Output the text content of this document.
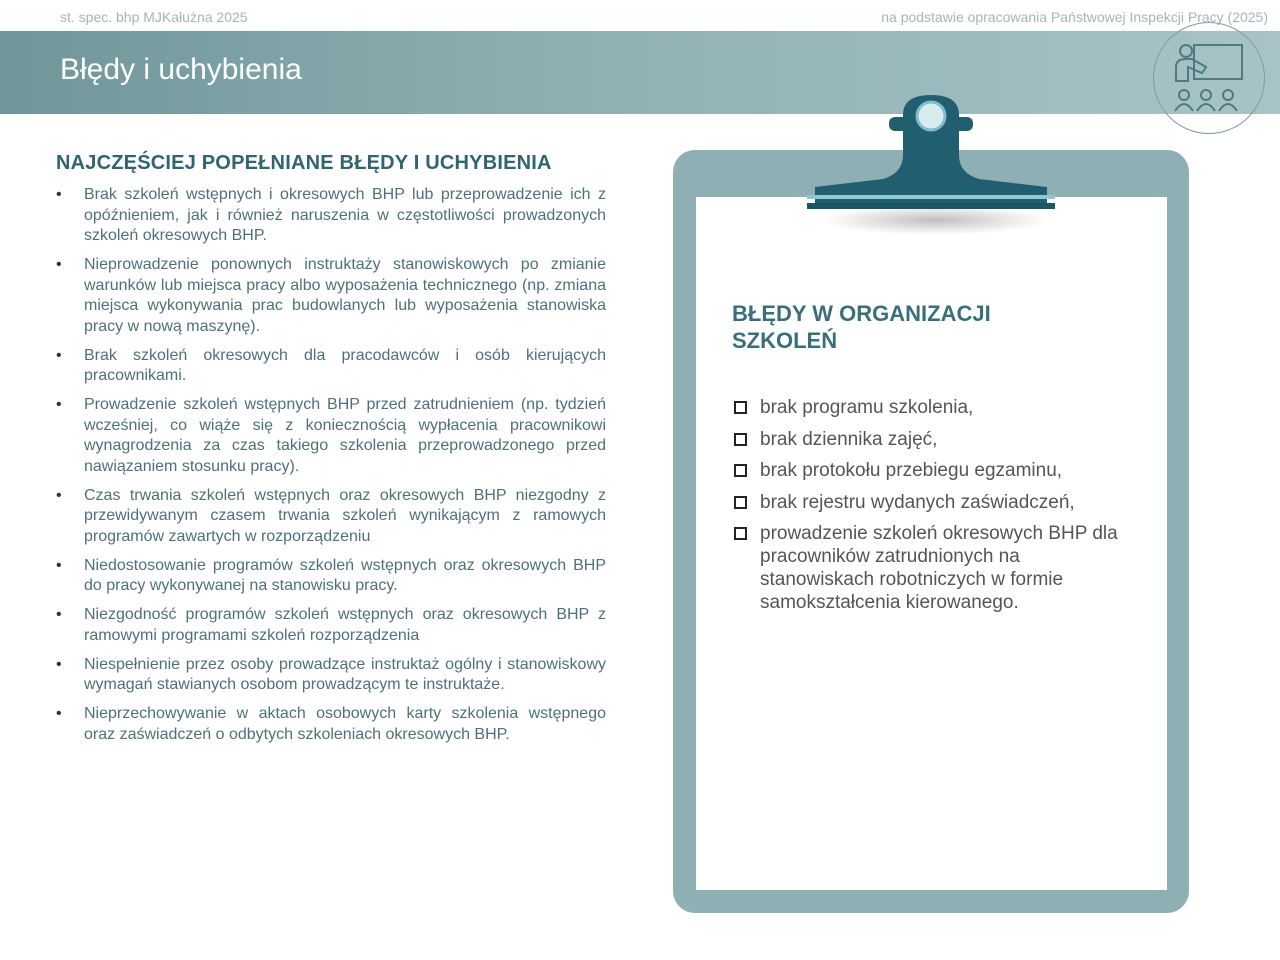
st. spec. bhp MJKałużna 2025	na podstawie opracowania Państwowej Inspekcji Pracy (2025)
Błędy i uchybienia
NAJCZĘŚCIEJ POPEŁNIANE BŁĘDY I UCHYBIENIA
• Brak szkoleń wstępnych i okresowych BHP lub przeprowadzenie ich z opóźnieniem, jak i również naruszenia w częstotliwości prowadzonych szkoleń okresowych BHP.
• Nieprowadzenie ponownych instruktaży stanowiskowych po zmianie warunków lub miejsca pracy albo wyposażenia technicznego (np. zmiana miejsca wykonywania prac budowlanych lub wyposażenia stanowiska pracy w nową maszynę).
• Brak szkoleń okresowych dla pracodawców i osób kierujących pracownikami.
• Prowadzenie szkoleń wstępnych BHP przed zatrudnieniem (np. tydzień wcześniej, co wiąże się z koniecznością wypłacenia pracownikowi wynagrodzenia za czas takiego szkolenia przeprowadzonego przed nawiązaniem stosunku pracy).
• Czas trwania szkoleń wstępnych oraz okresowych BHP niezgodny z przewidywanym czasem trwania szkoleń wynikającym z ramowych programów zawartych w rozporządzeniu
• Niedostosowanie programów szkoleń wstępnych oraz okresowych BHP do pracy wykonywanej na stanowisku pracy.
• Niezgodność programów szkoleń wstępnych oraz okresowych BHP z ramowymi programami szkoleń rozporządzenia
• Niespełnienie przez osoby prowadzące instruktaż ogólny i stanowiskowy wymagań stawianych osobom prowadzącym te instruktaże.
• Nieprzechowywanie w aktach osobowych karty szkolenia wstępnego oraz zaświadczeń o odbytych szkoleniach okresowych BHP.
BŁĘDY W ORGANIZACJI SZKOLEŃ
brak programu szkolenia,
brak dziennika zajęć,
brak protokołu przebiegu egzaminu,
brak rejestru wydanych zaświadczeń,
prowadzenie szkoleń okresowych BHP dla pracowników zatrudnionych na stanowiskach robotniczych w formie samokształcenia kierowanego.
